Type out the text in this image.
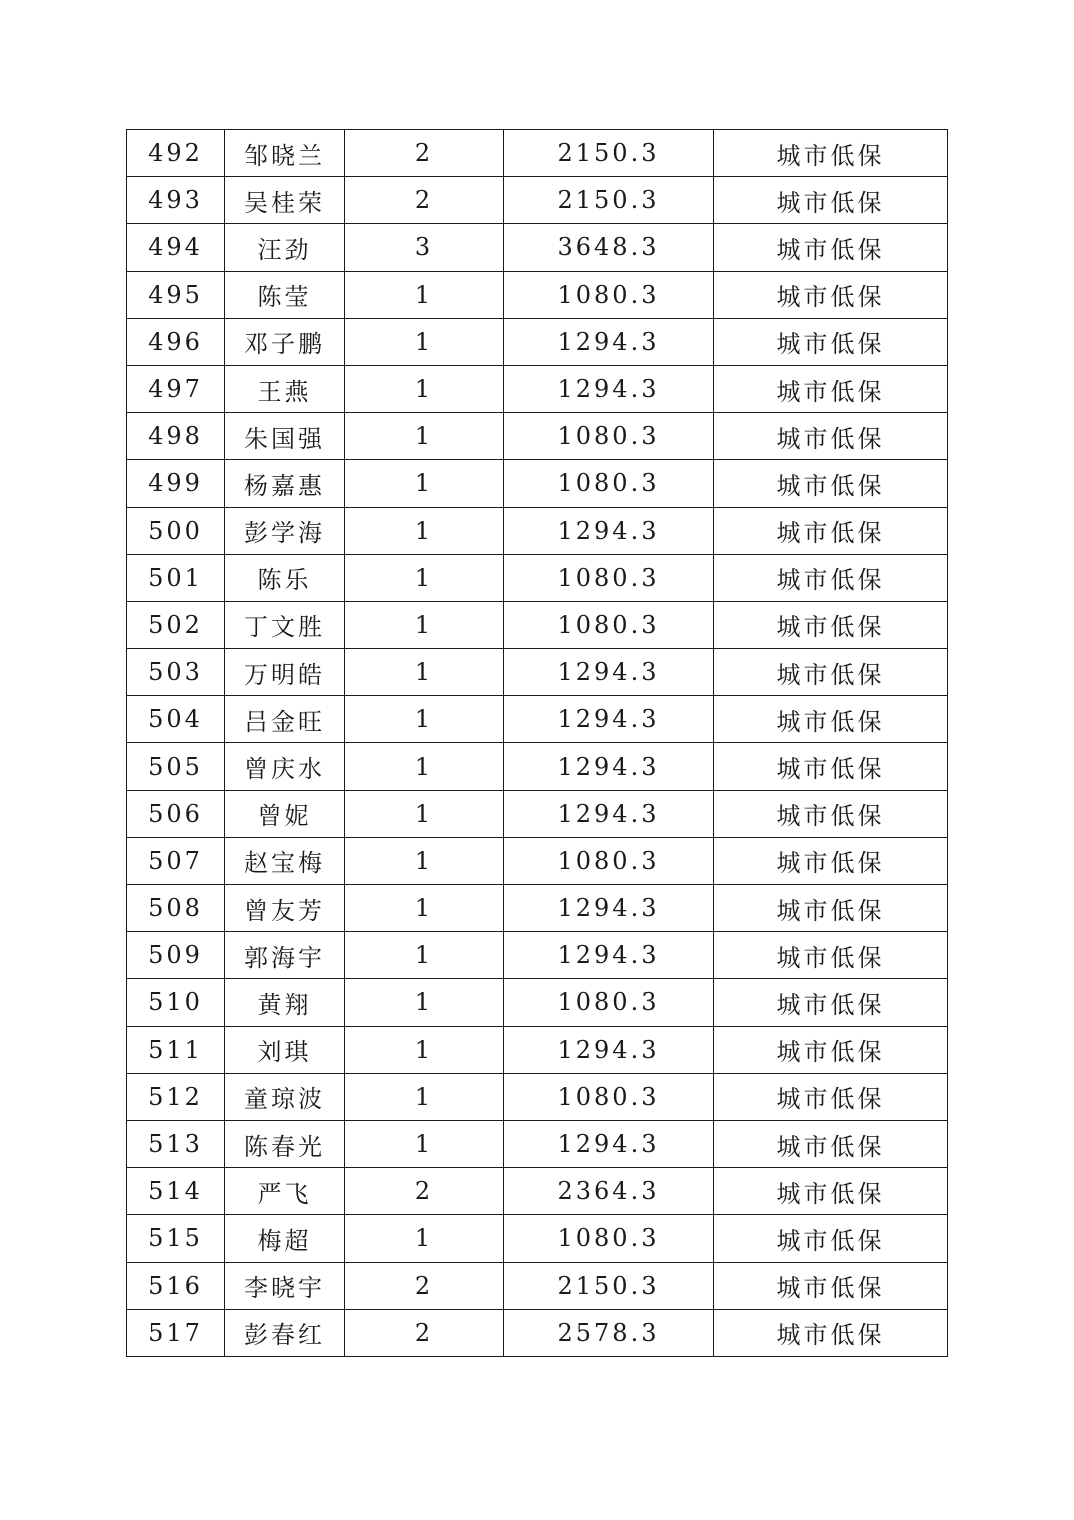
492	邹晓兰	2	2150.3	城市低保
493	吴桂荣	2	2150.3	城市低保
494	汪劲	3	3648.3	城市低保
495	陈莹	1	1080.3	城市低保
496	邓子鹏	1	1294.3	城市低保
497	王燕	1	1294.3	城市低保
498	朱国强	1	1080.3	城市低保
499	杨嘉惠	1	1080.3	城市低保
500	彭学海	1	1294.3	城市低保
501	陈乐	1	1080.3	城市低保
502	丁文胜	1	1080.3	城市低保
503	万明皓	1	1294.3	城市低保
504	吕金旺	1	1294.3	城市低保
505	曾庆水	1	1294.3	城市低保
506	曾妮	1	1294.3	城市低保
507	赵宝梅	1	1080.3	城市低保
508	曾友芳	1	1294.3	城市低保
509	郭海宇	1	1294.3	城市低保
510	黄翔	1	1080.3	城市低保
511	刘琪	1	1294.3	城市低保
512	童琼波	1	1080.3	城市低保
513	陈春光	1	1294.3	城市低保
514	严飞	2	2364.3	城市低保
515	梅超	1	1080.3	城市低保
516	李晓宇	2	2150.3	城市低保
517	彭春红	2	2578.3	城市低保
